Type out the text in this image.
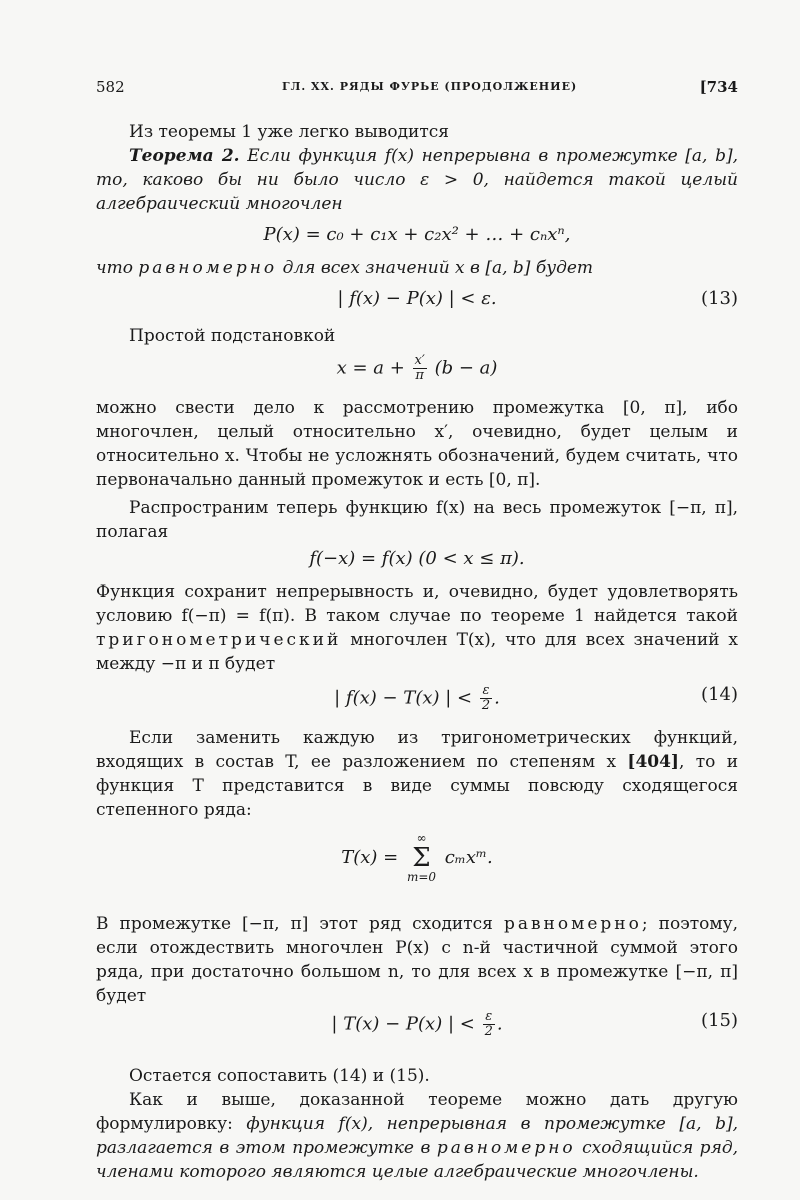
582	ГЛ. XX. РЯДЫ ФУРЬЕ (ПРОДОЛЖЕНИЕ)	[734

Из теоремы 1 уже легко выводится

Теорема 2. Если функция f(x) непрерывна в промежутке [a, b], то, каково бы ни было число ε > 0, найдется такой целый алгебраический многочлен

P(x) = c₀ + c₁x + c₂x² + … + cₙxⁿ,

что равномерно для всех значений x в [a, b] будет

| f(x) − P(x) | < ε.	(13)

Простой подстановкой

$x = a + \frac{x'}{\pi} (b - a)$

можно свести дело к рассмотрению промежутка [0, π], ибо многочлен, целый относительно x′, очевидно, будет целым и относительно x. Чтобы не усложнять обозначений, будем считать, что первоначально данный промежуток и есть [0, π].

Распространим теперь функцию f(x) на весь промежуток [−π, π], полагая

f(−x) = f(x) (0 < x ≤ π).

Функция сохранит непрерывность и, очевидно, будет удовлетворять условию f(−π) = f(π). В таком случае по теореме 1 найдется такой тригонометрический многочлен T(x), что для всех значений x между −π и π будет

| f(x) − T(x) | < $\frac{\varepsilon}{2}$ .	(14)

Если заменить каждую из тригонометрических функций, входящих в состав T, ее разложением по степеням x [404], то и функция T представится в виде суммы повсюду сходящегося степенного ряда:

T(x) = ∞
Σ
m=0 cₘxᵐ.

В промежутке [−π, π] этот ряд сходится равномерно; поэтому, если отождествить многочлен P(x) с n-й частичной суммой этого ряда, при достаточно большом n, то для всех x в промежутке [−π, π] будет

| T(x) − P(x) | < $\frac{\varepsilon}{2}$ .	(15)

Остается сопоставить (14) и (15).

Как и выше, доказанной теореме можно дать другую формулировку: функция f(x), непрерывная в промежутке [a, b], разлагается в этом промежутке в равномерно сходящийся ряд, членами которого являются целые алгебраические многочлены.
